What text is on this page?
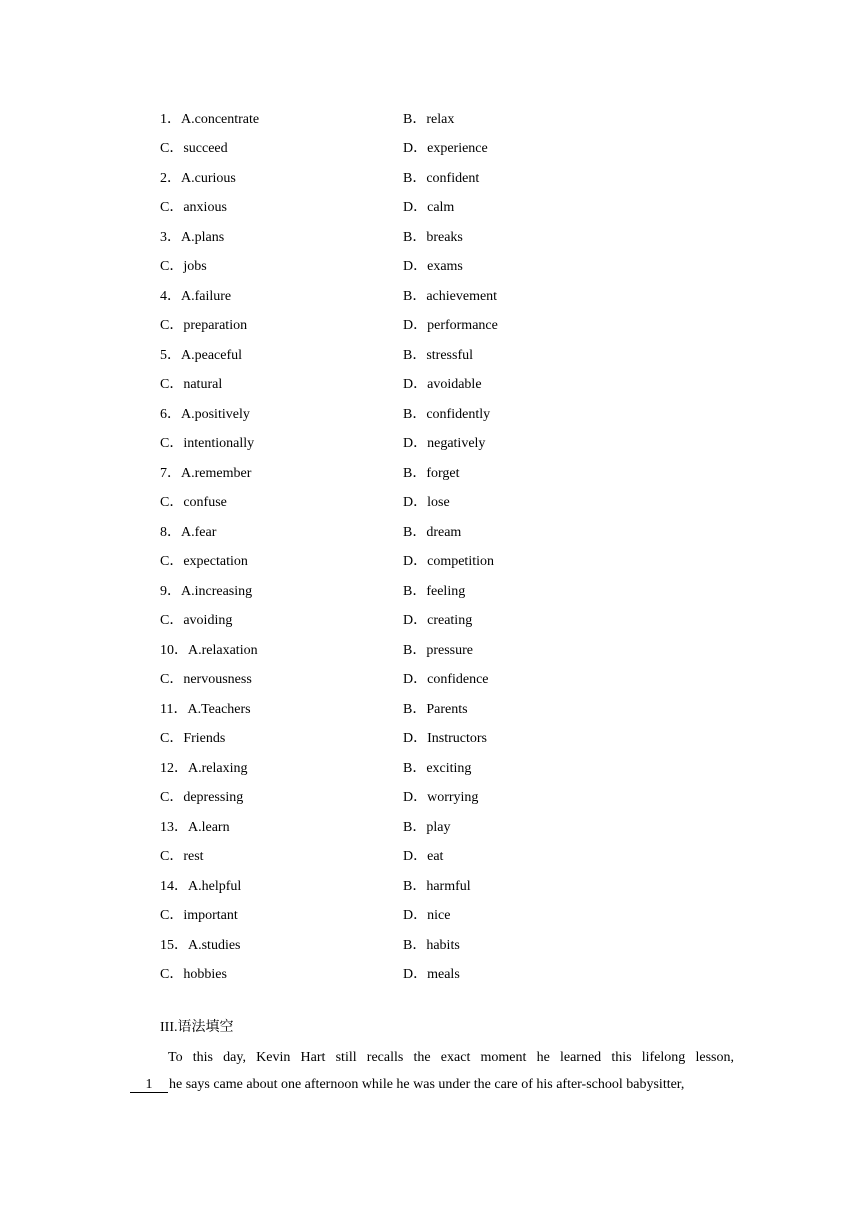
1．A.concentrate	B．relax
C．succeed	D．experience
2．A.curious	B．confident
C．anxious	D．calm
3．A.plans	B．breaks
C．jobs	D．exams
4．A.failure	B．achievement
C．preparation	D．performance
5．A.peaceful	B．stressful
C．natural	D．avoidable
6．A.positively	B．confidently
C．intentionally	D．negatively
7．A.remember	B．forget
C．confuse	D．lose
8．A.fear	B．dream
C．expectation	D．competition
9．A.increasing	B．feeling
C．avoiding	D．creating
10．A.relaxation	B．pressure
C．nervousness	D．confidence
11．A.Teachers	B．Parents
C．Friends	D．Instructors
12．A.relaxing	B．exciting
C．depressing	D．worrying
13．A.learn	B．play
C．rest	D．eat
14．A.helpful	B．harmful
C．important	D．nice
15．A.studies	B．habits
C．hobbies	D．meals
III.语法填空
To this day, Kevin Hart still recalls the exact moment he learned this lifelong lesson,
1 he says came about one afternoon while he was under the care of his after-school babysitter,
